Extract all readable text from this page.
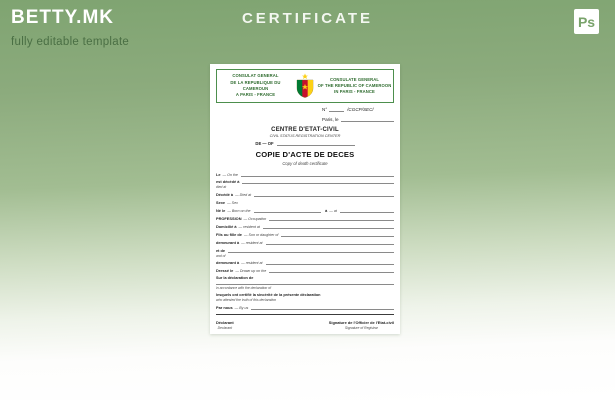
BETTY.MK
fully editable template
CERTIFICATE	Ps
CONSULAT GENERAL
DE LA REPUBLIQUE DU CAMEROUN
A PARIS - FRANCE
CONSULATE GENERAL
OF THE REPUBLIC OF CAMEROON
IN PARIS - FRANCE
N°	/CGCP/SEC/
Paris, le
CENTRE D'ETAT-CIVIL
CIVIL STATUS REGISTRATION CENTER
DE — OF
COPIE D'ACTE DE DECES
Copy of death certificate
Le — On the
est décédé à
died at
Décédé à — Died at
Sexe — Sex
Né le — Born on the	à — at
PROFESSION — Occupation
Domicilié à — resident at
Fils ou fille de — Son or daughter of
demeurant à — resident at
et de
and of
demeurant à — resident at
Dressé le — Drawn up on the
Sur la déclaration de
in accordance with the declaration of
lesquels ont certifié la sincérité de la présente déclaration
who attested the truth of this declaration
Par nous — By us
Déclarant
Declarant
Signature de l'Officier de l'Etat-civil
Signature of Registrar
